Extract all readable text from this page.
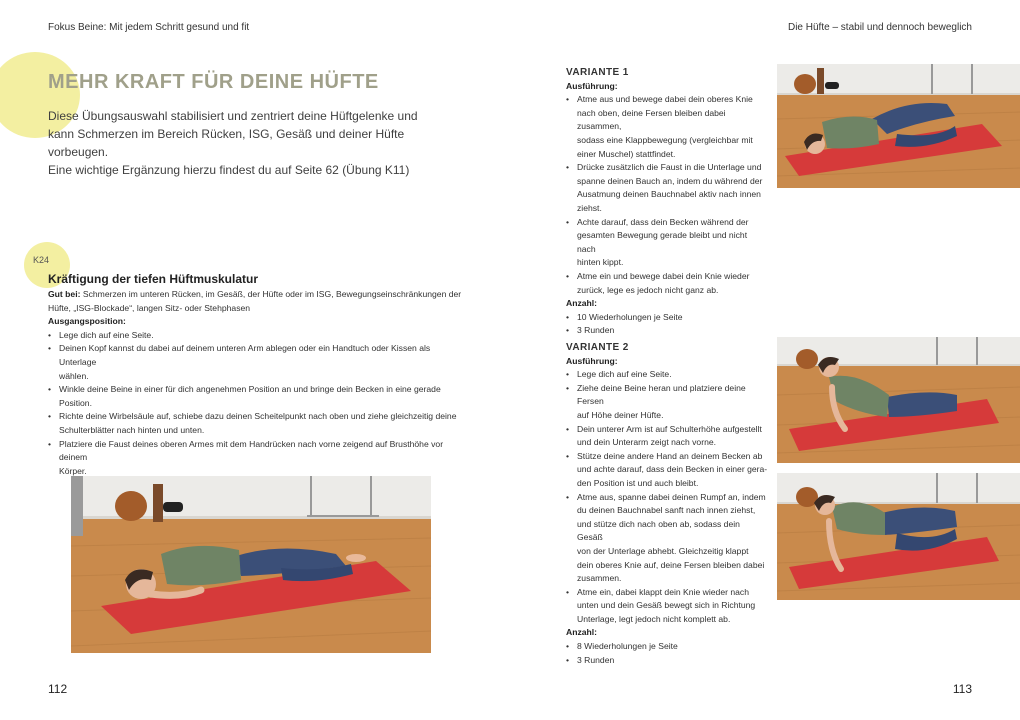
Fokus Beine: Mit jedem Schritt gesund und fit	Die Hüfte – stabil und dennoch beweglich
MEHR KRAFT FÜR DEINE HÜFTE
Diese Übungsauswahl stabilisiert und zentriert deine Hüftgelenke und
kann Schmerzen im Bereich Rücken, ISG, Gesäß und deiner Hüfte vorbeugen.
Eine wichtige Ergänzung hierzu findest du auf Seite 62 (Übung K11)
K24
Kräftigung der tiefen Hüftmuskulatur
Gut bei: Schmerzen im unteren Rücken, im Gesäß, der Hüfte oder im ISG, Bewegungseinschränkungen der
Hüfte, „ISG-Blockade“, langen Sitz- oder Stehphasen
Ausgangsposition:
• Lege dich auf eine Seite.
• Deinen Kopf kannst du dabei auf deinem unteren Arm ablegen oder ein Handtuch oder Kissen als Unterlage
wählen.
• Winkle deine Beine in einer für dich angenehmen Position an und bringe dein Becken in eine gerade Position.
• Richte deine Wirbelsäule auf, schiebe dazu deinen Scheitelpunkt nach oben und ziehe gleichzeitig deine
Schulterblätter nach hinten und unten.
• Platziere die Faust deines oberen Armes mit dem Handrücken nach vorne zeigend auf Brusthöhe vor deinem
Körper.
VARIANTE 1
Ausführung:
• Atme aus und bewege dabei dein oberes Knie
nach oben, deine Fersen bleiben dabei zusammen,
sodass eine Klappbewegung (vergleichbar mit
einer Muschel) stattfindet.
• Drücke zusätzlich die Faust in die Unterlage und
spanne deinen Bauch an, indem du während der
Ausatmung deinen Bauchnabel aktiv nach innen
ziehst.
• Achte darauf, dass dein Becken während der
gesamten Bewegung gerade bleibt und nicht nach
hinten kippt.
• Atme ein und bewege dabei dein Knie wieder
zurück, lege es jedoch nicht ganz ab.
Anzahl:
• 10 Wiederholungen je Seite
• 3 Runden
VARIANTE 2
Ausführung:
• Lege dich auf eine Seite.
• Ziehe deine Beine heran und platziere deine Fersen
auf Höhe deiner Hüfte.
• Dein unterer Arm ist auf Schulterhöhe aufgestellt
und dein Unterarm zeigt nach vorne.
• Stütze deine andere Hand an deinem Becken ab
und achte darauf, dass dein Becken in einer gera-
den Position ist und auch bleibt.
• Atme aus, spanne dabei deinen Rumpf an, indem
du deinen Bauchnabel sanft nach innen ziehst,
und stütze dich nach oben ab, sodass dein Gesäß
von der Unterlage abhebt. Gleichzeitig klappt
dein oberes Knie auf, deine Fersen bleiben dabei
zusammen.
• Atme ein, dabei klappt dein Knie wieder nach
unten und dein Gesäß bewegt sich in Richtung
Unterlage, legt jedoch nicht komplett ab.
Anzahl:
• 8 Wiederholungen je Seite
• 3 Runden
112	113
